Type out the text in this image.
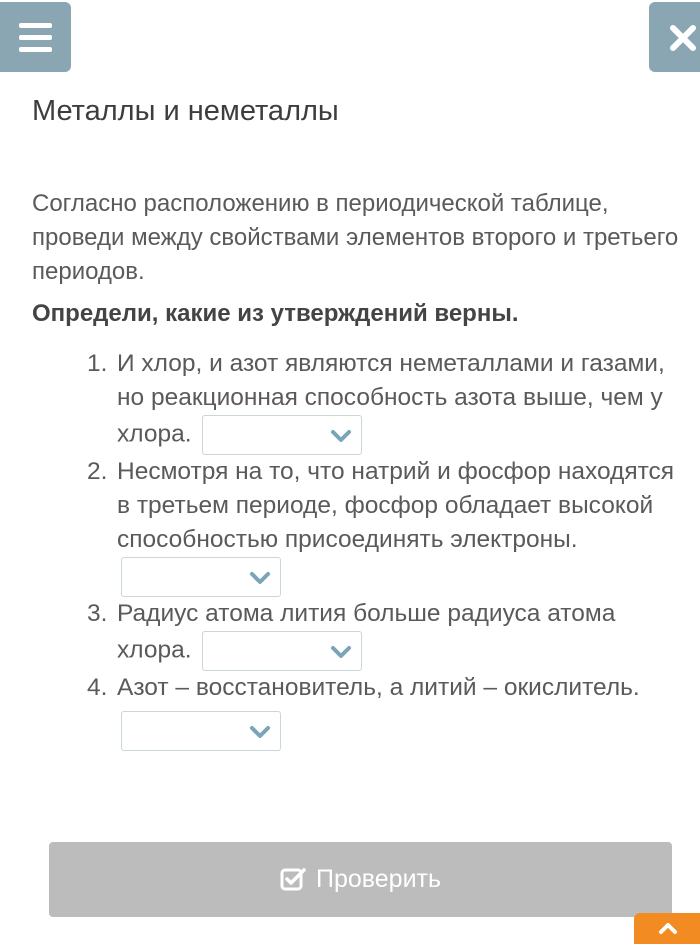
Металлы и неметаллы
Согласно расположению в периодической таблице, проведи между свойствами элементов второго и третьего периодов.
Определи, какие из утверждений верны.
1. И хлор, и азот являются неметаллами и газами, но реакционная способность азота выше, чем у хлора.
2. Несмотря на то, что натрий и фосфор находятся в третьем периоде, фосфор обладает высокой способностью присоединять электроны.
3. Радиус атома лития больше радиуса атома хлора.
4. Азот – восстановитель, а литий – окислитель.
Проверить
